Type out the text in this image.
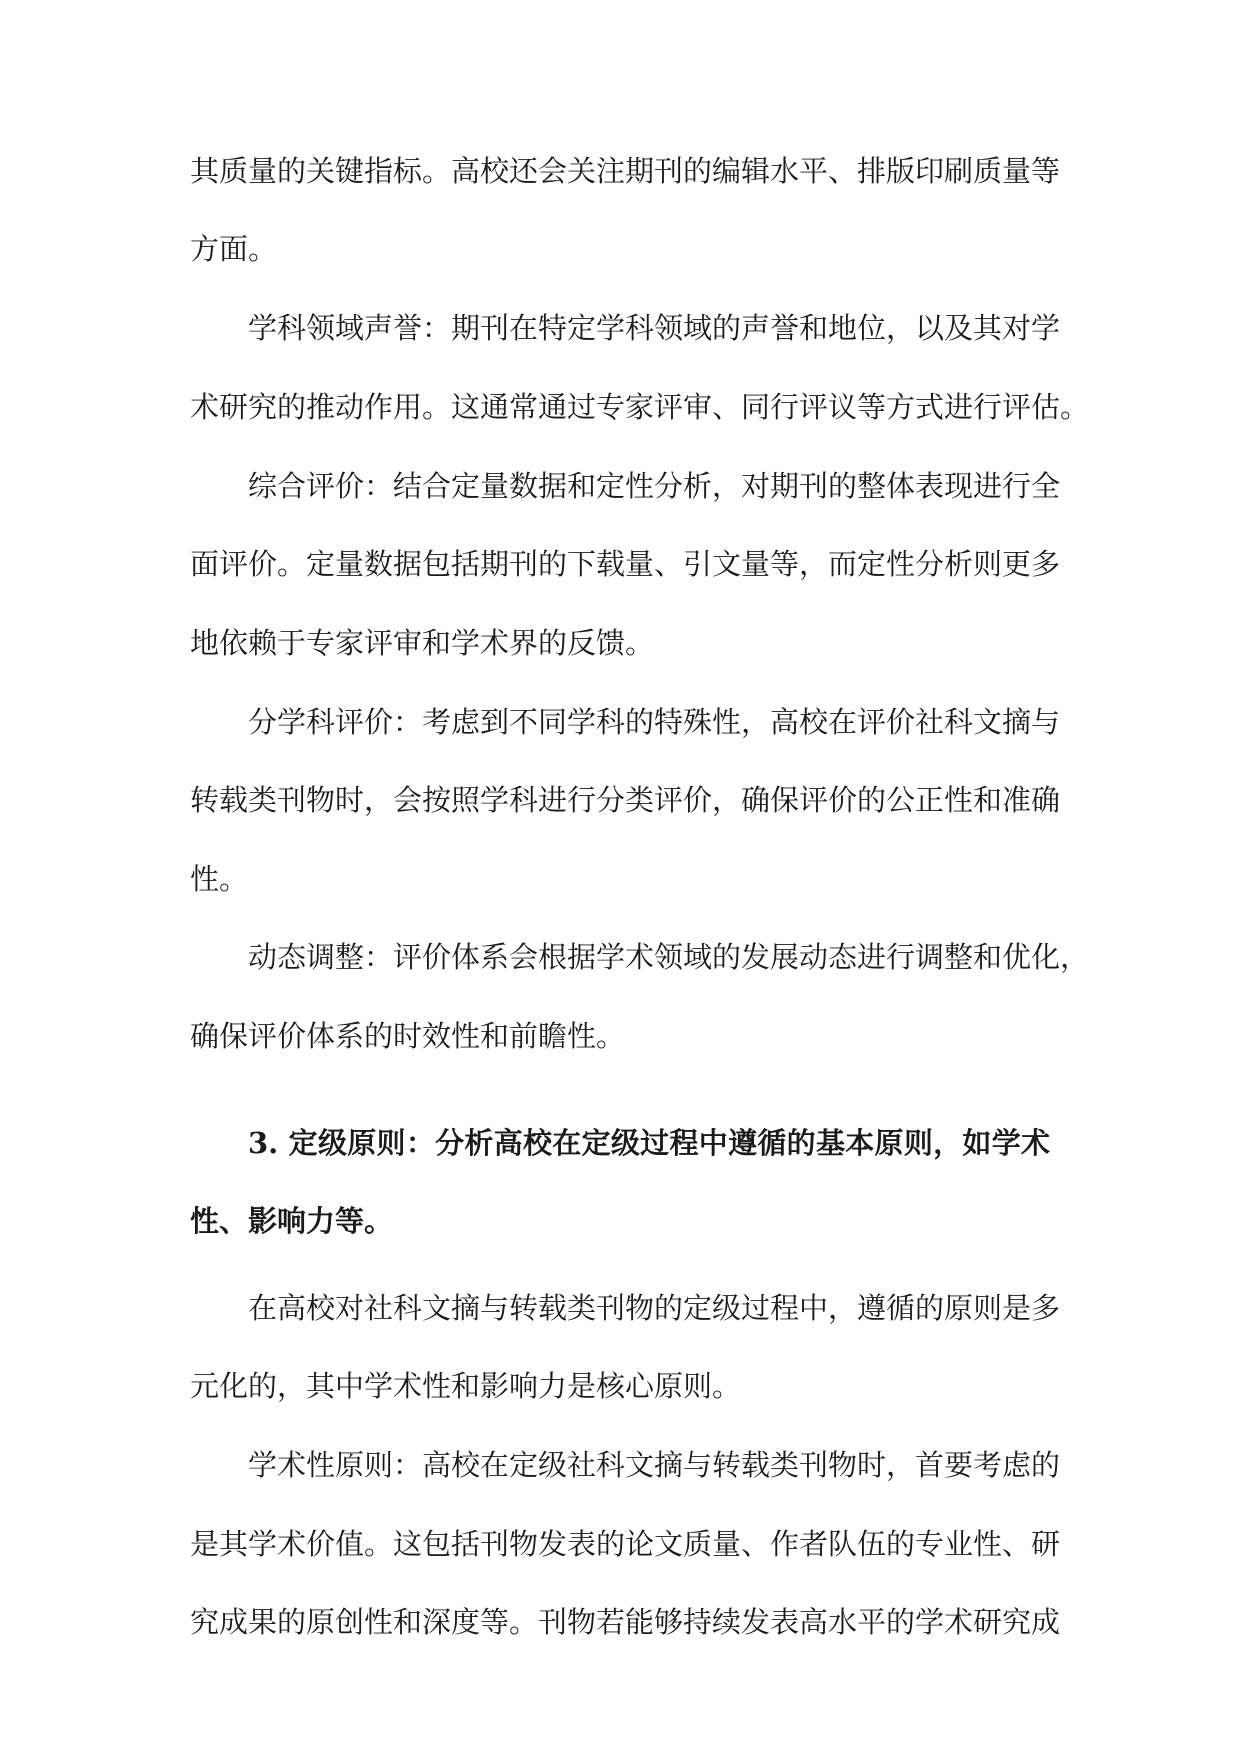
其质量的关键指标。高校还会关注期刊的编辑水平、排版印刷质量等
方面。
学科领域声誉：期刊在特定学科领域的声誉和地位，以及其对学
术研究的推动作用。这通常通过专家评审、同行评议等方式进行评估。
综合评价：结合定量数据和定性分析，对期刊的整体表现进行全
面评价。定量数据包括期刊的下载量、引文量等，而定性分析则更多
地依赖于专家评审和学术界的反馈。
分学科评价：考虑到不同学科的特殊性，高校在评价社科文摘与
转载类刊物时，会按照学科进行分类评价，确保评价的公正性和准确
性。
动态调整：评价体系会根据学术领域的发展动态进行调整和优化，
确保评价体系的时效性和前瞻性。
3. 定级原则：分析高校在定级过程中遵循的基本原则，如学术
性、影响力等。
在高校对社科文摘与转载类刊物的定级过程中，遵循的原则是多
元化的，其中学术性和影响力是核心原则。
学术性原则：高校在定级社科文摘与转载类刊物时，首要考虑的
是其学术价值。这包括刊物发表的论文质量、作者队伍的专业性、研
究成果的原创性和深度等。刊物若能够持续发表高水平的学术研究成
